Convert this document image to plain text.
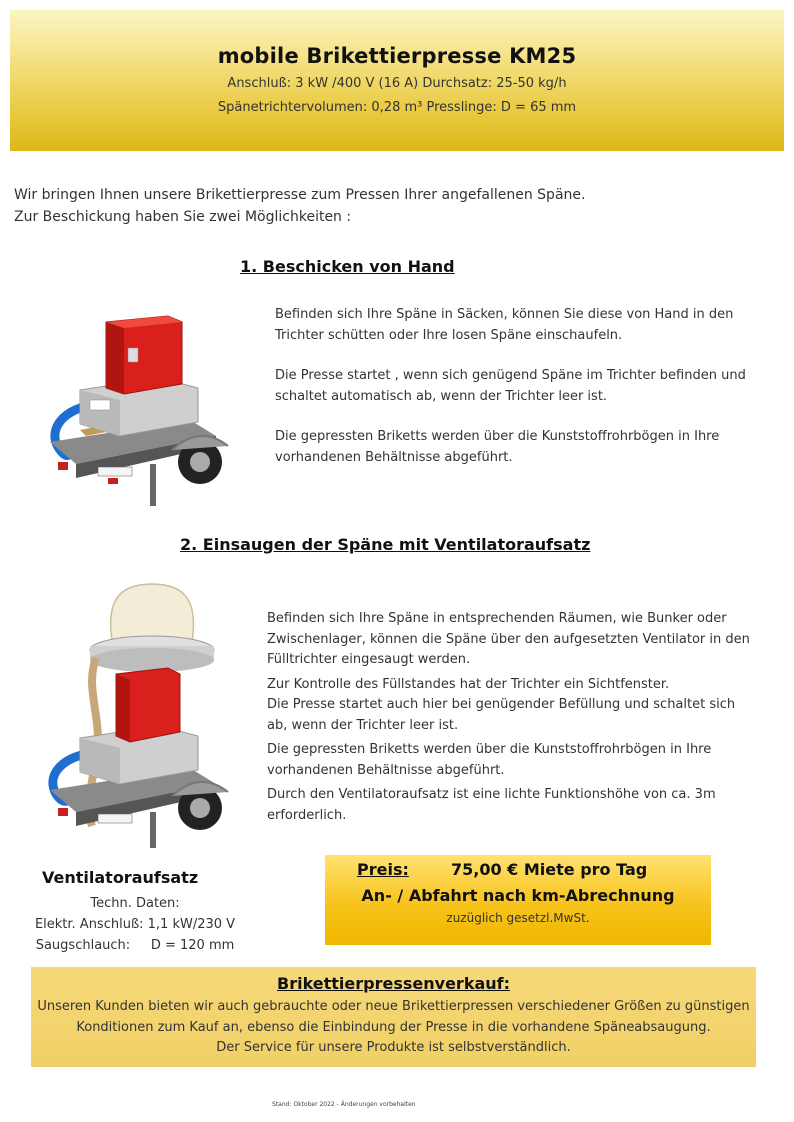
mobile Brikettierpresse KM25
Anschluß: 3 kW /400 V (16 A) Durchsatz: 25-50 kg/h
Spänetrichtervolumen: 0,28 m³ Presslinge: D = 65 mm
Wir bringen Ihnen unsere Brikettierpresse zum Pressen Ihrer angefallenen Späne.
Zur Beschickung haben Sie zwei Möglichkeiten :
1. Beschicken von Hand

Befinden sich Ihre Späne in Säcken, können Sie diese von Hand in den Trichter schütten oder Ihre losen Späne einschaufeln.

Die Presse startet , wenn sich genügend Späne im Trichter befinden und schaltet automatisch ab, wenn der Trichter leer ist.

Die gepressten Briketts werden über die Kunststoffrohrbögen in Ihre vorhandenen Behältnisse abgeführt.

2. Einsaugen der Späne mit Ventilatoraufsatz

Befinden sich Ihre Späne in entsprechenden Räumen, wie Bunker oder Zwischenlager, können die Späne über den aufgesetzten Ventilator in den Fülltrichter eingesaugt werden.

Zur Kontrolle des Füllstandes hat der Trichter ein Sichtfenster.

Die Presse startet auch hier bei genügender Befüllung und schaltet sich ab, wenn der Trichter leer ist.

Die gepressten Briketts werden über die Kunststoffrohrbögen in Ihre vorhandenen Behältnisse abgeführt.

Durch den Ventilatoraufsatz ist eine lichte Funktionshöhe von ca. 3m erforderlich.

Ventilatoraufsatz
Techn. Daten:
Elektr. Anschluß: 1,1 kW/230 V
Saugschlauch:     D = 120 mm
Preis:	75,00 € Miete pro Tag
An- / Abfahrt nach km-Abrechnung
zuzüglich gesetzl.MwSt.
Brikettierpressenverkauf:
Unseren Kunden bieten wir auch gebrauchte oder neue Brikettierpressen verschiedener Größen zu günstigen
Konditionen zum Kauf an, ebenso die Einbindung der Presse in die vorhandene Späneabsaugung.
Der Service für unsere Produkte ist selbstverständlich.
Stand: Oktober 2022 - Änderungen vorbehalten
